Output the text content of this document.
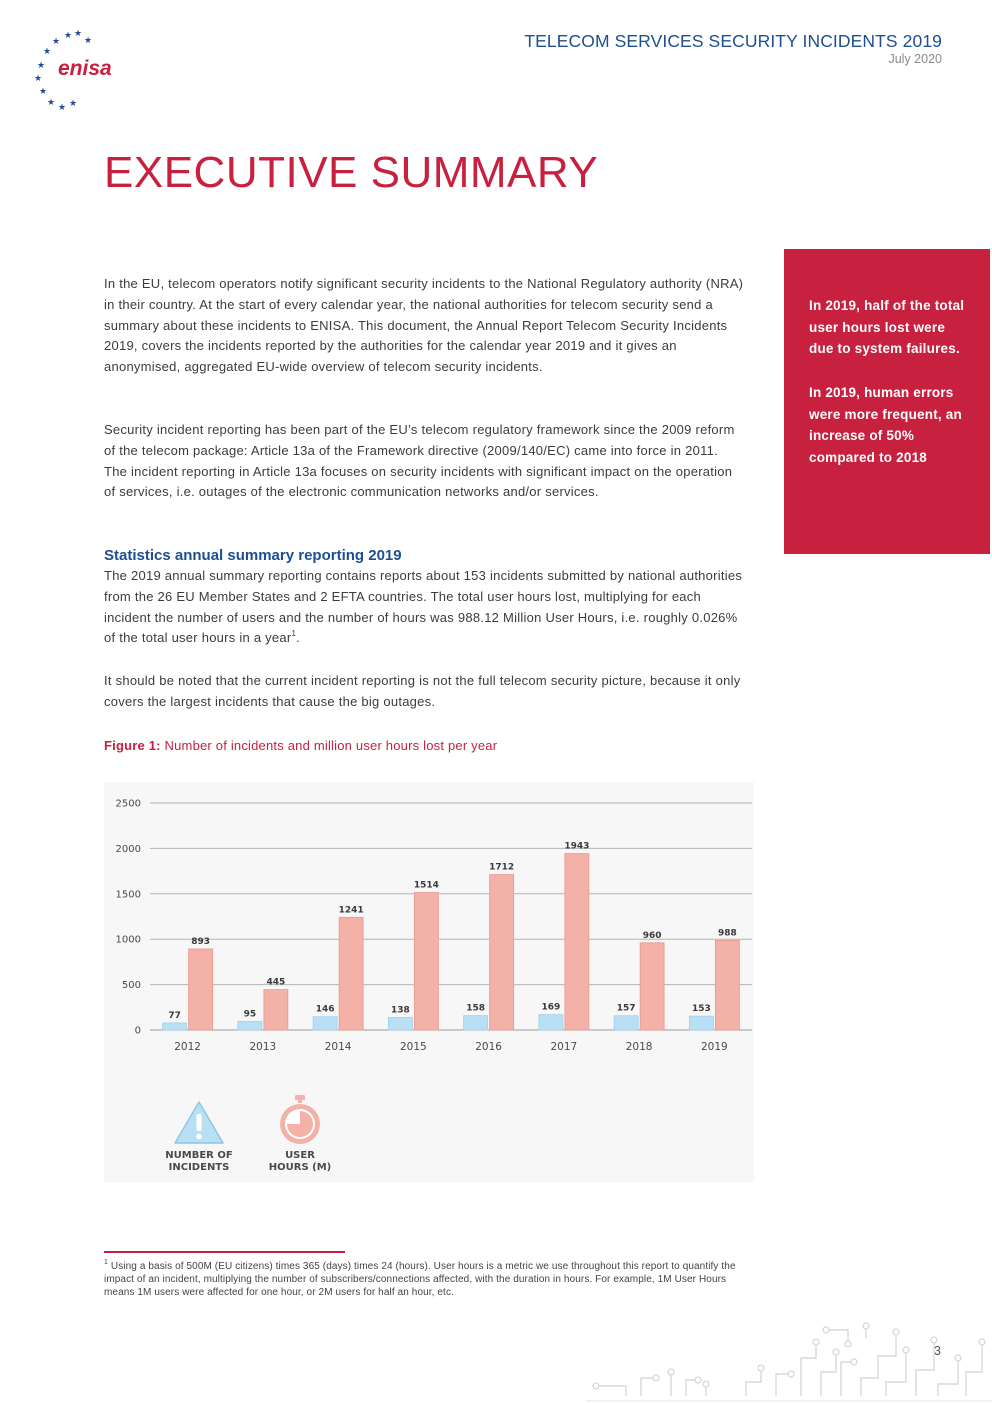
★ ★
★	★
★
★
★
★
★ ★ ★
enisa
TELECOM SERVICES SECURITY INCIDENTS 2019
July 2020
EXECUTIVE SUMMARY

In 2019, half of the total user hours lost were due to system failures.

In 2019, human errors were more frequent, an increase of 50% compared to 2018

In the EU, telecom operators notify significant security incidents to the National Regulatory authority (NRA) in their country. At the start of every calendar year, the national authorities for telecom security send a summary about these incidents to ENISA. This document, the Annual Report Telecom Security Incidents 2019, covers the incidents reported by the authorities for the calendar year 2019 and it gives an anonymised, aggregated EU-wide overview of telecom security incidents.

Security incident reporting has been part of the EU’s telecom regulatory framework since the 2009 reform of the telecom package: Article 13a of the Framework directive (2009/140/EC) came into force in 2011. The incident reporting in Article 13a focuses on security incidents with significant impact on the operation of services, i.e. outages of the electronic communication networks and/or services.

Statistics annual summary reporting 2019

The 2019 annual summary reporting contains reports about 153 incidents submitted by national authorities from the 26 EU Member States and 2 EFTA countries. The total user hours lost, multiplying for each incident the number of users and the number of hours was 988.12 Million User Hours, i.e. roughly 0.026% of the total user hours in a year$^1$.

It should be noted that the current incident reporting is not the full telecom security picture, because it only covers the largest incidents that cause the big outages.

Figure 1: Number of incidents and million user hours lost per year
0
500
1000
1500
2000
2500
77
893
2012
95
445
2013
146
1241
2014
138
1514
2015
158
1712
2016
169
1943
2017
157
960
2018
153
988
2019
NUMBER OF
INCIDENTS
USER
HOURS (M)

$^1$ Using a basis of 500M (EU citizens) times 365 (days) times 24 (hours). User hours is a metric we use throughout this report to quantify the impact of an incident, multiplying the number of subscribers/connections affected, with the duration in hours. For example, 1M User Hours means 1M users were affected for one hour, or 2M users for half an hour, etc.

3
